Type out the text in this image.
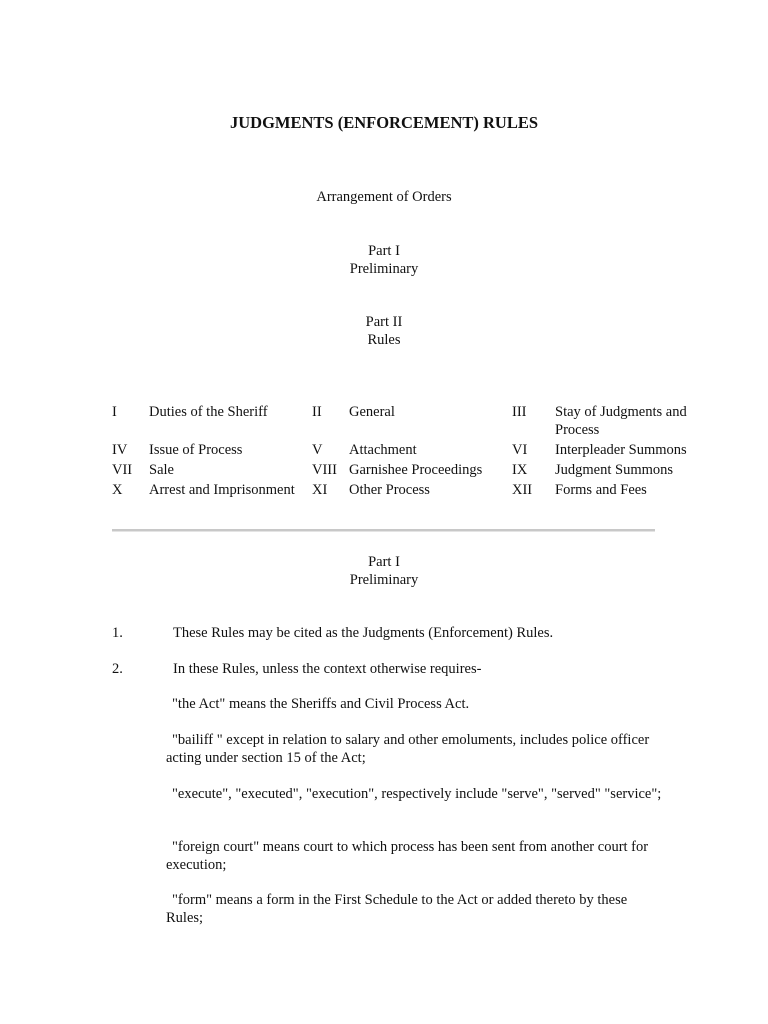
JUDGMENTS (ENFORCEMENT) RULES
Arrangement of Orders
Part I
Preliminary
Part II
Rules
I Duties of the Sheriff	II General	III Stay of Judgments and Process
IV Issue of Process	V Attachment	VI Interpleader Summons
VII Sale	VIII Garnishee Proceedings IX Judgment Summons
X Arrest and Imprisonment XI Other Process	XII Forms and Fees
Part I
Preliminary
1.	These Rules may be cited as the Judgments (Enforcement) Rules.
2.	In these Rules, unless the context otherwise requires-
"the Act" means the Sheriffs and Civil Process Act.
"bailiff " except in relation to salary and other emoluments, includes police officer acting under section 15 of the Act;
"execute", "executed", "execution", respectively include "serve", "served" "service";
"foreign court" means court to which process has been sent from another court for execution;
"form" means a form in the First Schedule to the Act or added thereto by these Rules;
